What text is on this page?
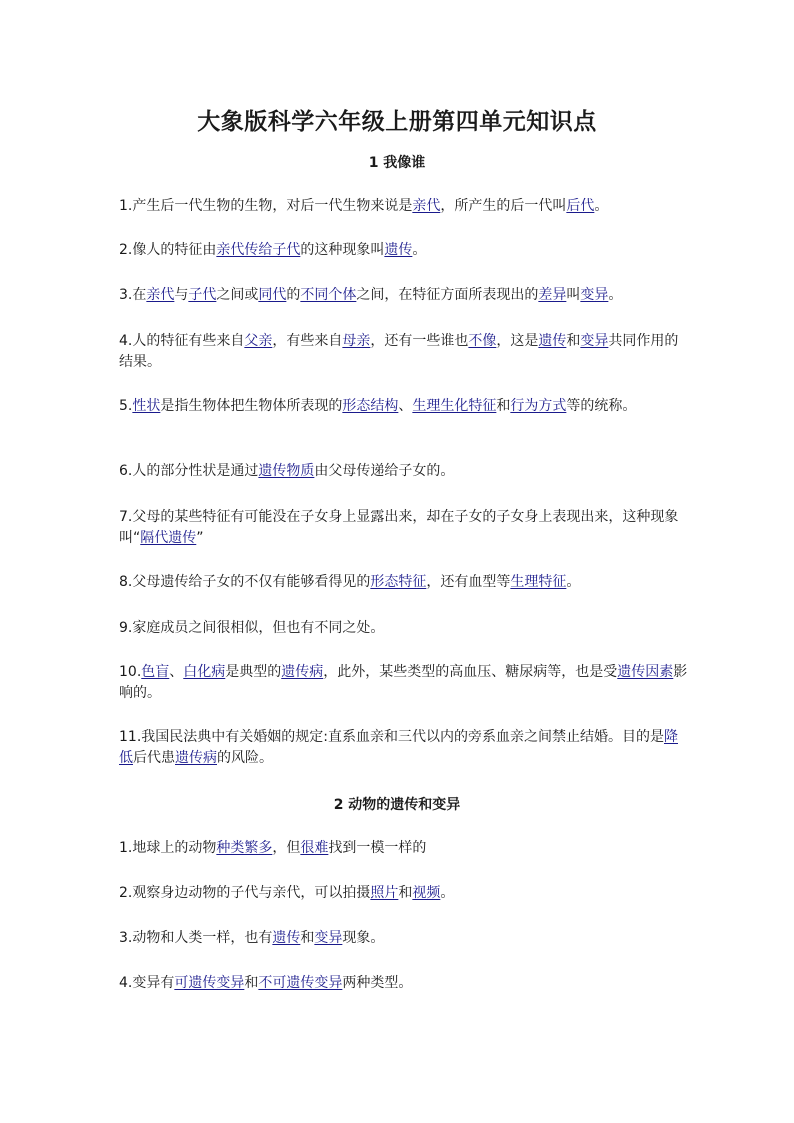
大象版科学六年级上册第四单元知识点
1 我像谁

1.产生后一代生物的生物，对后一代生物来说是亲代，所产生的后一代叫后代。

2.像人的特征由亲代传给子代的这种现象叫遗传。

3.在亲代与子代之间或同代的不同个体之间，在特征方面所表现出的差异叫变异。

4.人的特征有些来自父亲，有些来自母亲，还有一些谁也不像，这是遗传和变异共同作用的结果。

5.性状是指生物体把生物体所表现的形态结构、生理生化特征和行为方式等的统称。

6.人的部分性状是通过遗传物质由父母传递给子女的。

7.父母的某些特征有可能没在子女身上显露出来，却在子女的子女身上表现出来，这种现象叫“隔代遗传”

8.父母遗传给子女的不仅有能够看得见的形态特征，还有血型等生理特征。

9.家庭成员之间很相似，但也有不同之处。

10.色盲、白化病是典型的遗传病，此外，某些类型的高血压、糖尿病等，也是受遗传因素影响的。

11.我国民法典中有关婚姻的规定:直系血亲和三代以内的旁系血亲之间禁止结婚。目的是降低后代患遗传病的风险。

2 动物的遗传和变异

1.地球上的动物种类繁多，但很难找到一模一样的

2.观察身边动物的子代与亲代，可以拍摄照片和视频。

3.动物和人类一样，也有遗传和变异现象。

4.变异有可遗传变异和不可遗传变异两种类型。
